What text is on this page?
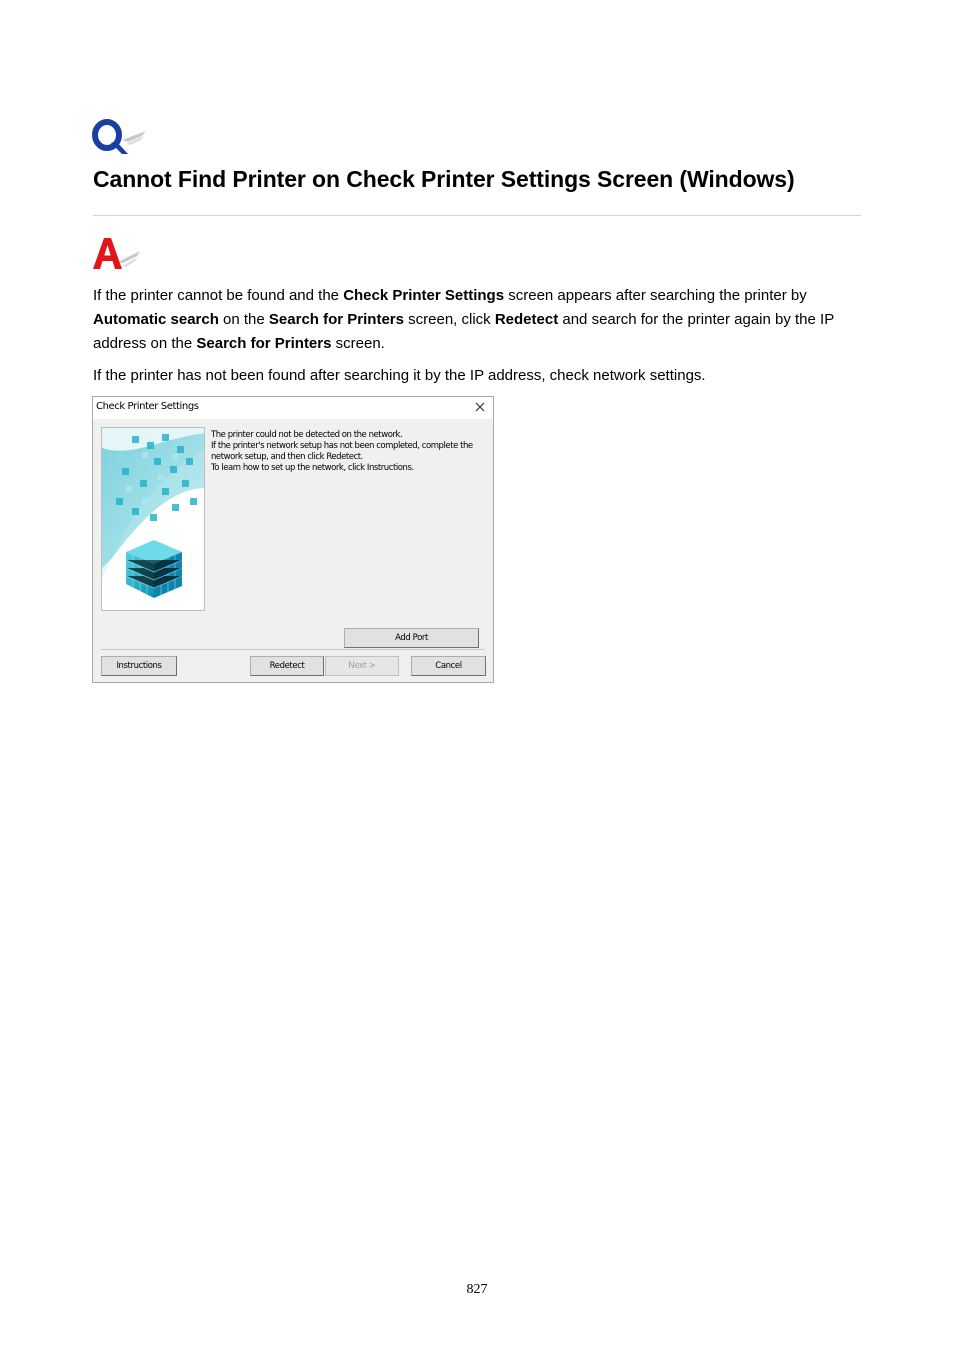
Cannot Find Printer on Check Printer Settings Screen (Windows)

If the printer cannot be found and the Check Printer Settings screen appears after searching the printer by Automatic search on the Search for Printers screen, click Redetect and search for the printer again by the IP address on the Search for Printers screen.

If the printer has not been found after searching it by the IP address, check network settings.

Check Printer Settings
The printer could not be detected on the network.
If the printer's network setup has not been completed, complete the
network setup, and then click Redetect.
To learn how to set up the network, click Instructions.
Add Port
Instructions	Redetect	Next >	Cancel
827
